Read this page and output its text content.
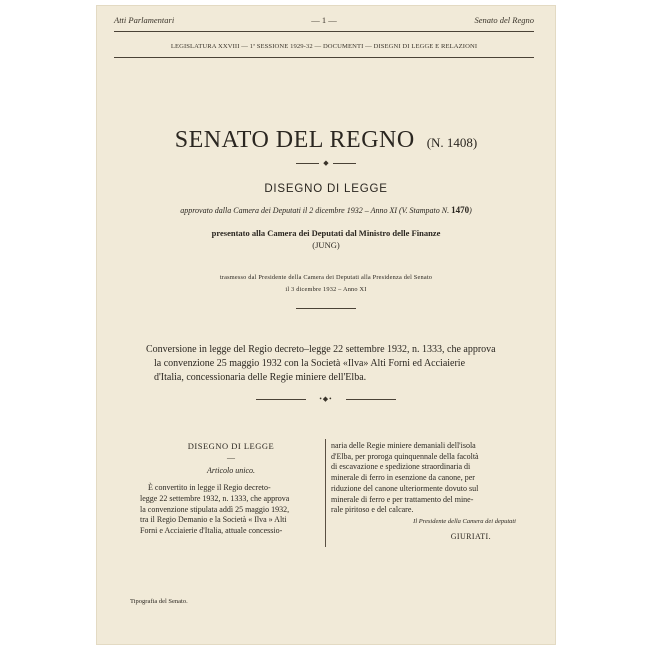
Atti Parlamentari	— 1 —	Senato del Regno
LEGISLATURA XXVIII — 1ª SESSIONE 1929-32 — DOCUMENTI — DISEGNI DI LEGGE E RELAZIONI
SENATO DEL REGNO (N. 1408)
◆
DISEGNO DI LEGGE
approvato dalla Camera dei Deputati il 2 dicembre 1932 – Anno XI (V. Stampato N. 1470)
presentato alla Camera dei Deputati dal Ministro delle Finanze
(JUNG)
trasmesso dal Presidente della Camera dei Deputati alla Presidenza del Senato
il 3 dicembre 1932 – Anno XI
Conversione in legge del Regio decreto–legge 22 settembre 1932, n. 1333, che approva
la convenzione 25 maggio 1932 con la Società «Ilva» Alti Forni ed Acciaierie
d'Italia, concessionaria delle Regie miniere dell'Elba.
•◆•
DISEGNO DI LEGGE
—
Articolo unico.
È convertito in legge il Regio decreto-
legge 22 settembre 1932, n. 1333, che approva
la convenzione stipulata addì 25 maggio 1932,
tra il Regio Demanio e la Società « Ilva » Alti
Forni e Acciaierie d'Italia, attuale concessio-
naria delle Regie miniere demaniali dell'isola
d'Elba, per proroga quinquennale della facoltà
di escavazione e spedizione straordinaria di
minerale di ferro in esenzione da canone, per
riduzione del canone ulteriormente dovuto sul
minerale di ferro e per trattamento del mine-
rale piritoso e del calcare.
Il Presidente della Camera dei deputati
GIURIATI.
Tipografia del Senato.
